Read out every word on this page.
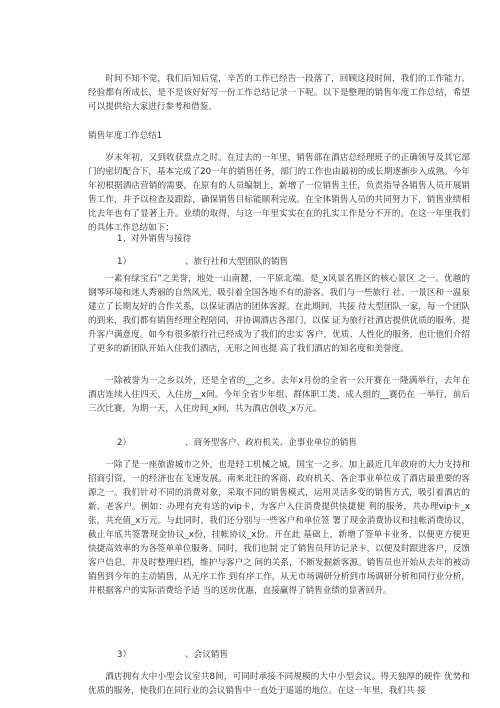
时间不知不觉，我们后知后觉，辛苦的工作已经告一段落了，回顾这段时间，我们的工作能力、经验都有所成长，是不是该好好写一份工作总结记录一下呢。以下是整理的销售年度工作总结，希望可以提供给大家进行参考和借鉴。

销售年度工作总结1

岁末年初，又到收获盘点之时。在过去的一年里，销售部在酒店总经理班子的正确领导及其它部门的密切配合下，基本完成了20一年的销售任务，部门的工作也由最初的成长期逐渐步入成熟。今年年初根据酒店营销的需要，在原有的人员编制上，新增了一位销售主任，负责指导各销售人员开展销售工作，并予以检查及跟踪，确保销售目标能顺利完成。在全体销售人员的共同努力下，销售业绩相比去年也有了显著上升。业绩的取得，与这一年里实实在在的扎实工作是分不开的。在这一年里我们的具体工作总结如下：

1、对外销售与接待

1）	、旅行社和大型团队的销售

一素有绿宝石”之美誉，地处一山南麓，一平原北端。是_x风景名胜区的核心景区 之一。优越的钢琴环境和迷人秀丽的自然风光，吸引着全国各地不有的游客。我们与一些旅行 社、一景区和一温泉建立了长期友好的合作关系，以保证酒店的团体客源。在此期间，共接 待大型团队一家，每一个团队的到来，我们都有销售经理全程陪同，并协调酒店各部门，以保 证为旅行社酒店提供优质的服务，提升客户满意度。如今有很多旅行社已经成为了我们的忠实 客户，优质、人性化的服务，也让他们介绍了更多的新团队开始入住我们酒店，无形之间也提 高了我们酒店的知名度和美誉度。

一除被誉为一之乡以外，还是全省的__之乡。去年x月份的全省一公开赛在一隆满举行，去年在酒店连续入住四天，入住房__x间。今年全省少年组、群体职工类、成人组的__赛仍在 一举行，前后三次比赛，为期一天，入住房间_x间，共为酒店创收_x万元。

2）	、商务型客户、政府机关、企事业单位的销售

一除了是一座旅游城市之外，也是轻工机械之城，国宝一之乡。加上最近几年政府的大力支持和招商引资，一的经济也在飞速发展。南来北往的客商、政府机关、各企事业单位成了酒店最重要的客源之一。我们针对不同的消费对象，采取不同的销售模式，运用灵活多变的销售方式，吸引着酒店的新、老客户。例如：办理有充有送的vip卡，为客户入住消费提供快捷便 利的服务，共办理vip卡_x张，共充值_x万元。与此同时，我们还分别与一些客户和单位签 署了现金消费协议和挂帐消费协议，截止年底共签署现金协议_x份，挂帐协议_x份。开在此 基础上，新增了签单卡业务，以便更方便更快捷高效率的为各签单单位服务。同时，我们也制 定了销售员拜访记录卡，以便及时跟进客户，反馈客户信息，并及时整理归档，维护与客户之 间的关系，不断发掘新客源。销售员也开始从去年的被动销售到今年的主动销售，从无序工作 到有序工作，从无市场调研分析到市场调研分析和同行业分析，并根据客户的实际消费给予适 当的送房优惠，直接赢得了销售业绩的显著回升。

3）	、会议销售

酒店拥有大中小型会议室共8间，可同时承接不同规模的大中小型会议。得天独厚的硬件 优势和优质的服务，使我们在同行业的会议销售中一直处于遥遥的地位。在这一年里，我们共 接
